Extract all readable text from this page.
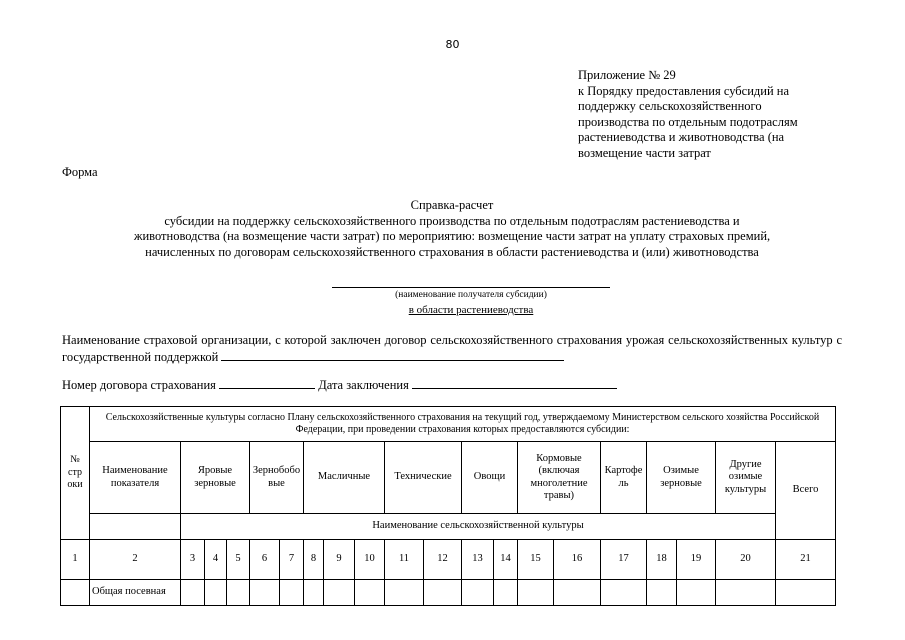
80
Приложение № 29
к Порядку предоставления субсидий на
поддержку сельскохозяйственного
производства по отдельным подотраслям
растениеводства и животноводства (на
возмещение части затрат
Форма
Справка-расчет
субсидии на поддержку сельскохозяйственного производства по отдельным подотраслям растениеводства и
животноводства (на возмещение части затрат) по мероприятию: возмещение части затрат на уплату страховых премий,
начисленных по договорам сельскохозяйственного страхования в области растениеводства и (или) животноводства
(наименование получателя субсидии)
в области растениеводства
Наименование страховой организации, с которой заключен договор сельскохозяйственного страхования урожая сельскохозяйственных культур с государственной поддержкой
Номер договора страхования	Дата заключения
№ стр оки	Сельскохозяйственные культуры согласно Плану сельскохозяйственного страхования на текущий год, утверждаемому Министерством сельского хозяйства Российской Федерации, при проведении страхования которых предоставляются субсидии:																			
	Наименование показателя	Яровые зерновые			Зернобобо вые		Масличные			Технические		Овощи		Кормовые (включая многолетние травы)		Картофе ль	Озимые зерновые		Другие озимые культуры	Всего
		Наименование сельскохозяйственной культуры																		
1	2	3	4	5	6	7	8	9	10	11	12	13	14	15	16	17	18	19	20	21
	Общая посевная																			
